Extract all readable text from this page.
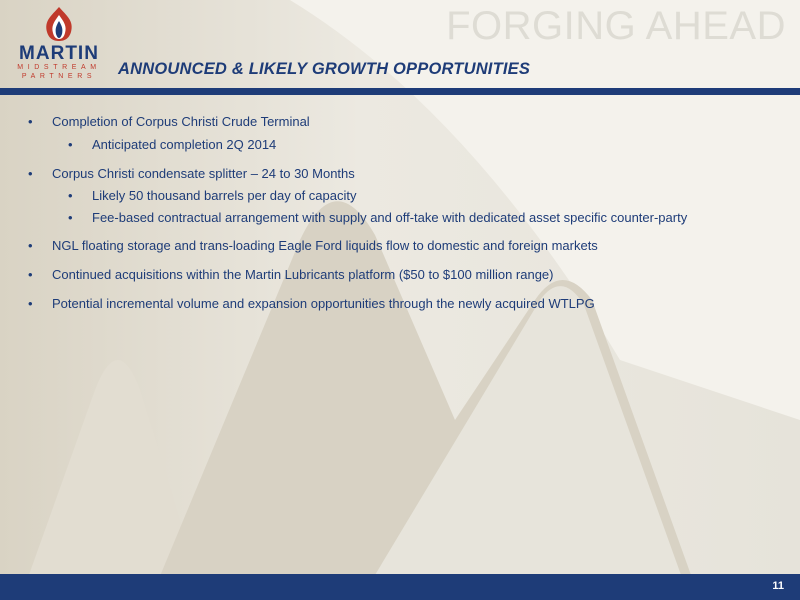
MARTIN
MIDSTREAM
PARTNERS
FORGING AHEAD
ANNOUNCED & LIKELY GROWTH OPPORTUNITIES
• Completion of Corpus Christi Crude Terminal
• Anticipated completion 2Q 2014
• Corpus Christi condensate splitter – 24 to 30 Months
• Likely 50 thousand barrels per day of capacity
• Fee-based contractual arrangement with supply and off-take with dedicated asset specific counter-party
• NGL floating storage and trans-loading Eagle Ford liquids flow to domestic and foreign markets
• Continued acquisitions within the Martin Lubricants platform ($50 to $100 million range)
• Potential incremental volume and expansion opportunities through the newly acquired WTLPG
11
